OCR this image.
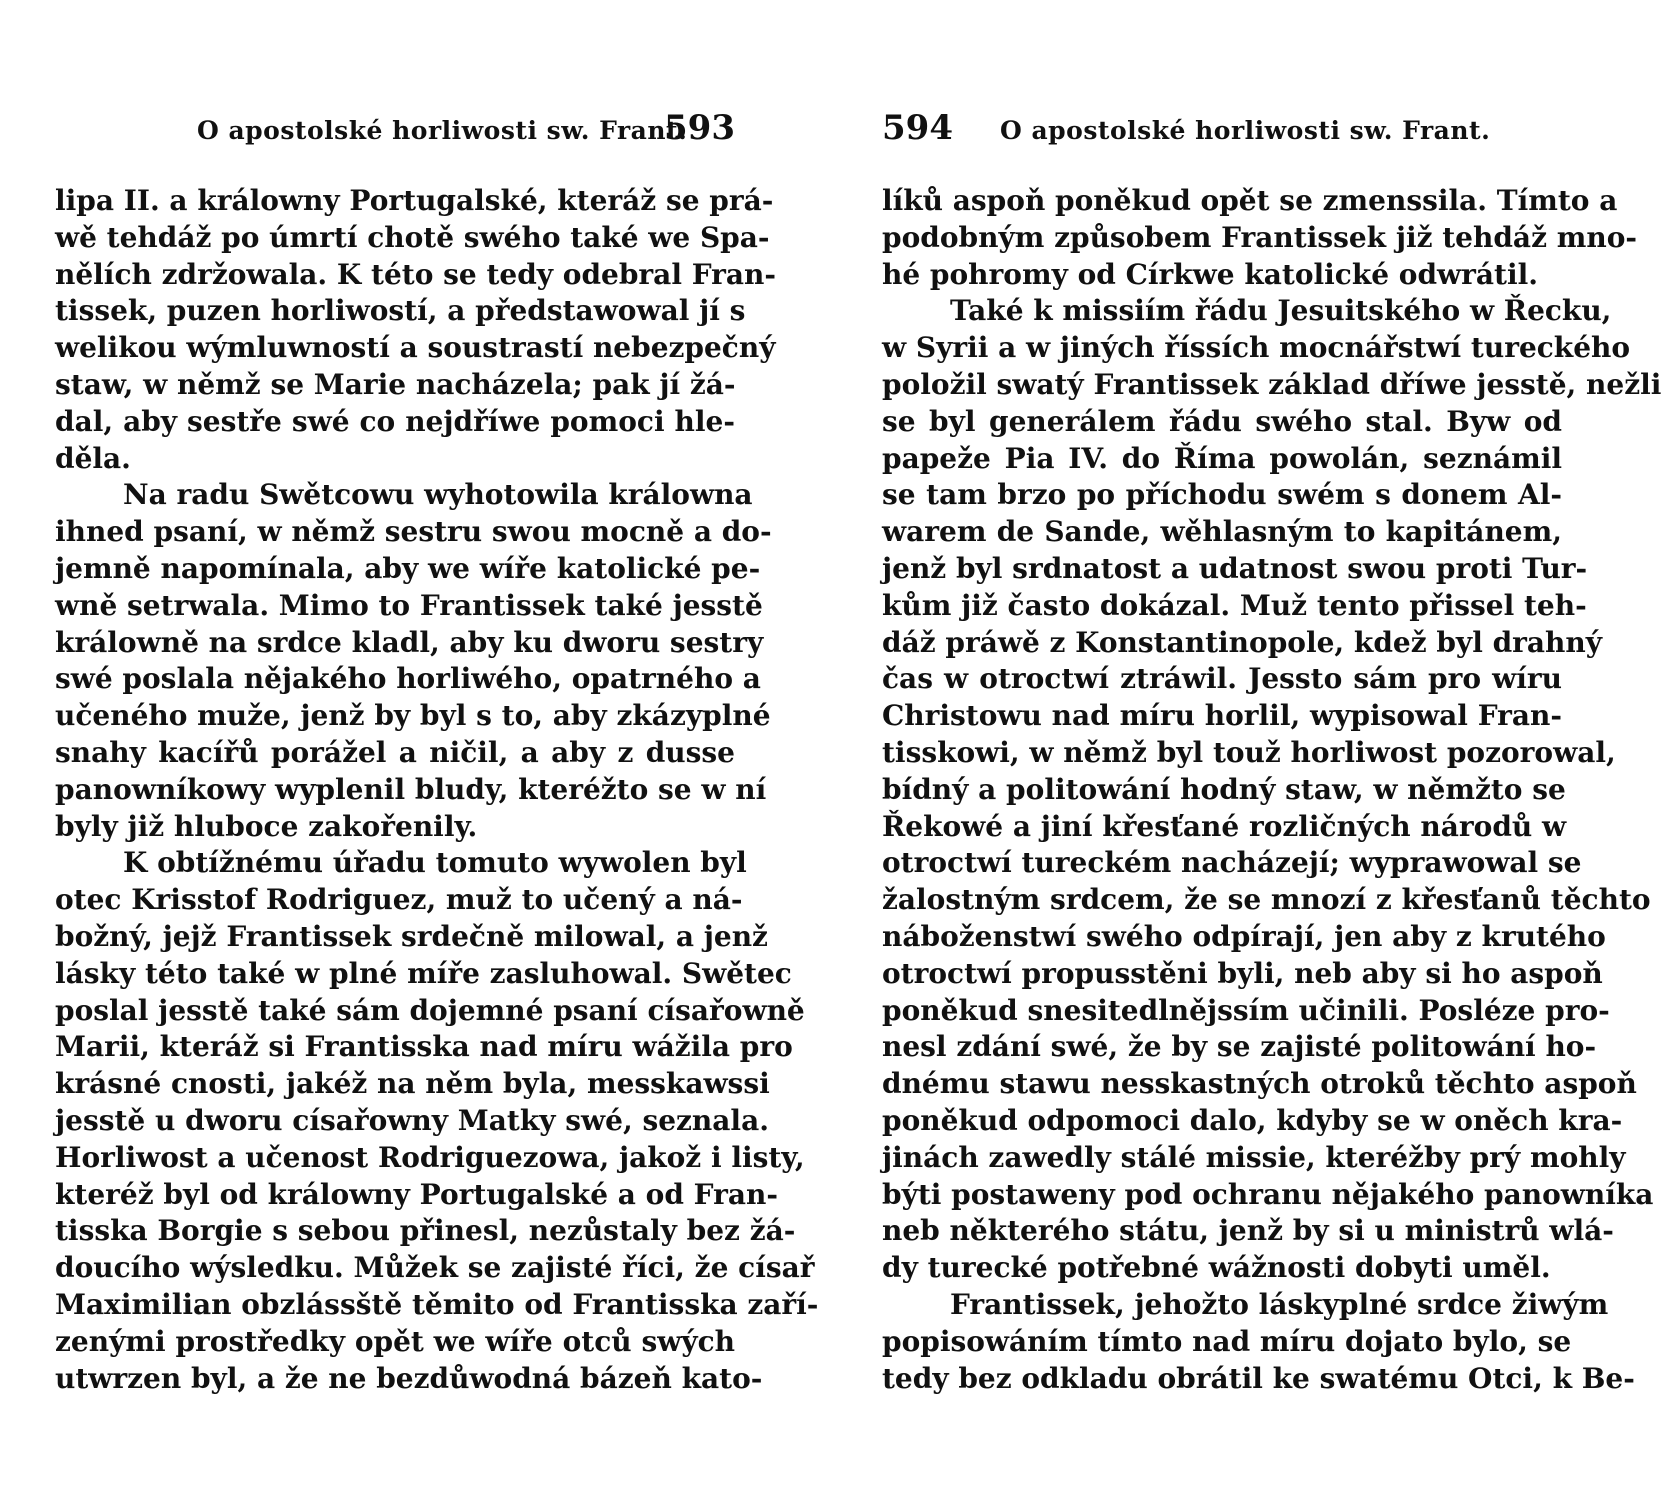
O apostolské horliwosti sw. Frant.
593
lipa II. a králowny Portugalské, kteráž se prá-
wě tehdáž po úmrtí chotě swého také we Spa-
nělích zdržowala. K této se tedy odebral Fran-
tissek, puzen horliwostí, a předstawowal jí s
welikou wýmluwností a soustrastí nebezpečný
staw, w němž se Marie nacházela; pak jí žá-
dal, aby sestře swé co nejdříwe pomoci hle-
děla.
Na radu Swětcowu wyhotowila králowna
ihned psaní, w němž sestru swou mocně a do-
jemně napomínala, aby we wíře katolické pe-
wně setrwala. Mimo to Frantissek také jesstě
králowně na srdce kladl, aby ku dworu sestry
swé poslala nějakého horliwého, opatrného a
učeného muže, jenž by byl s to, aby zkázyplné
snahy kacířů porážel a ničil, a aby z dusse
panowníkowy wyplenil bludy, kteréžto se w ní
byly již hluboce zakořenily.
K obtížnému úřadu tomuto wywolen byl
otec Krisstof Rodriguez, muž to učený a ná-
božný, jejž Frantissek srdečně milowal, a jenž
lásky této také w plné míře zasluhowal. Swětec
poslal jesstě také sám dojemné psaní císařowně
Marii, kteráž si Frantisska nad míru wážila pro
krásné cnosti, jakéž na něm byla, messkawssi
jesstě u dworu císařowny Matky swé, seznala.
Horliwost a učenost Rodriguezowa, jakož i listy,
kteréž byl od králowny Portugalské a od Fran-
tisska Borgie s sebou přinesl, nezůstaly bez žá-
doucího wýsledku. Můžek se zajisté říci, že císař
Maximilian obzlássště těmito od Frantisska zaří-
zenými prostředky opět we wíře otců swých
utwrzen byl, a že ne bezdůwodná bázeň kato-
594 O apostolské horliwosti sw. Frant.
líků aspoň poněkud opět se zmenssila. Tímto a
podobným způsobem Frantissek již tehdáž mno-
hé pohromy od Církwe katolické odwrátil.
Také k missiím řádu Jesuitského w Řecku,
w Syrii a w jiných říssích mocnářstwí tureckého
položil swatý Frantissek základ dříwe jesstě, nežli
se byl generálem řádu swého stal. Byw od
papeže Pia IV. do Říma powolán, seznámil
se tam brzo po příchodu swém s donem Al-
warem de Sande, wěhlasným to kapitánem,
jenž byl srdnatost a udatnost swou proti Tur-
kům již často dokázal. Muž tento přissel teh-
dáž práwě z Konstantinopole, kdež byl drahný
čas w otroctwí ztráwil. Jessto sám pro wíru
Christowu nad míru horlil, wypisowal Fran-
tisskowi, w němž byl touž horliwost pozorowal,
bídný a politowání hodný staw, w němžto se
Řekowé a jiní křesťané rozličných národů w
otroctwí tureckém nacházejí; wyprawowal se
žalostným srdcem, že se mnozí z křesťanů těchto
náboženstwí swého odpírají, jen aby z krutého
otroctwí propusstěni byli, neb aby si ho aspoň
poněkud snesitedlnějssím učinili. Posléze pro-
nesl zdání swé, že by se zajisté politowání ho-
dnému stawu nesskastných otroků těchto aspoň
poněkud odpomoci dalo, kdyby se w oněch kra-
jinách zawedly stálé missie, kteréžby prý mohly
býti postaweny pod ochranu nějakého panowníka
neb některého státu, jenž by si u ministrů wlá-
dy turecké potřebné wážnosti dobyti uměl.
Frantissek, jehožto láskyplné srdce žiwým
popisowáním tímto nad míru dojato bylo, se
tedy bez odkladu obrátil ke swatému Otci, k Be-
